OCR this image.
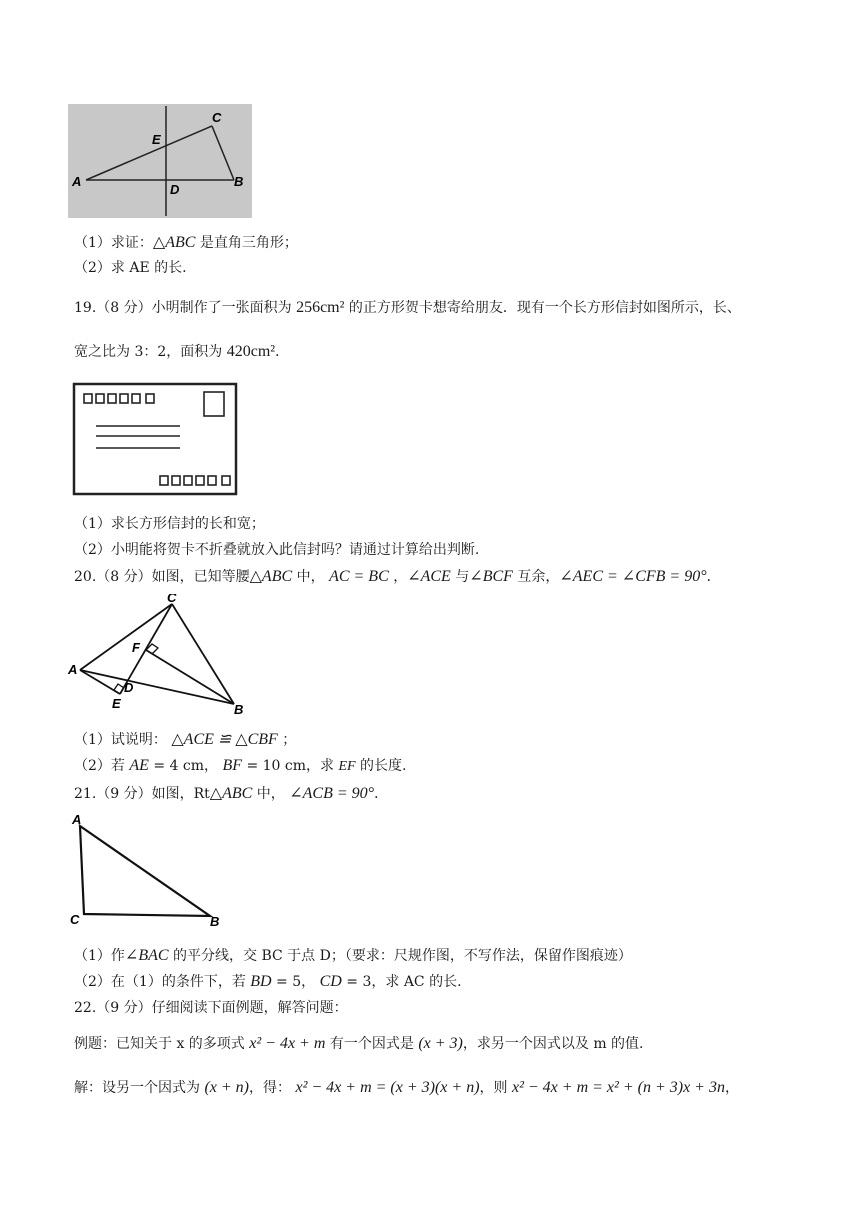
C
E
A
D
B
（1）求证：△ABC 是直角三角形；
（2）求 AE 的长.
19.（8 分）小明制作了一张面积为 256cm² 的正方形贺卡想寄给朋友．现有一个长方形信封如图所示，长、
宽之比为 3：2，面积为 420cm²．
（1）求长方形信封的长和宽；
（2）小明能将贺卡不折叠就放入此信封吗？请通过计算给出判断.
20.（8 分）如图，已知等腰△ABC 中， AC = BC ，∠ACE 与∠BCF 互余，∠AEC = ∠CFB = 90°．
C
F
A
D
E	B
（1）试说明： △ACE ≌ △CBF ；
（2）若 AE = 4 cm， BF = 10 cm，求 EF 的长度.
21.（9 分）如图，Rt△ABC 中， ∠ACB = 90°．
A
C	B
（1）作∠BAC 的平分线，交 BC 于点 D；（要求：尺规作图，不写作法，保留作图痕迹）
（2）在（1）的条件下，若 BD = 5， CD = 3，求 AC 的长.
22.（9 分）仔细阅读下面例题，解答问题：
例题：已知关于 x 的多项式 x² − 4x + m 有一个因式是 (x + 3)，求另一个因式以及 m 的值.
解：设另一个因式为 (x + n)，得： x² − 4x + m = (x + 3)(x + n)，则 x² − 4x + m = x² + (n + 3)x + 3n，
